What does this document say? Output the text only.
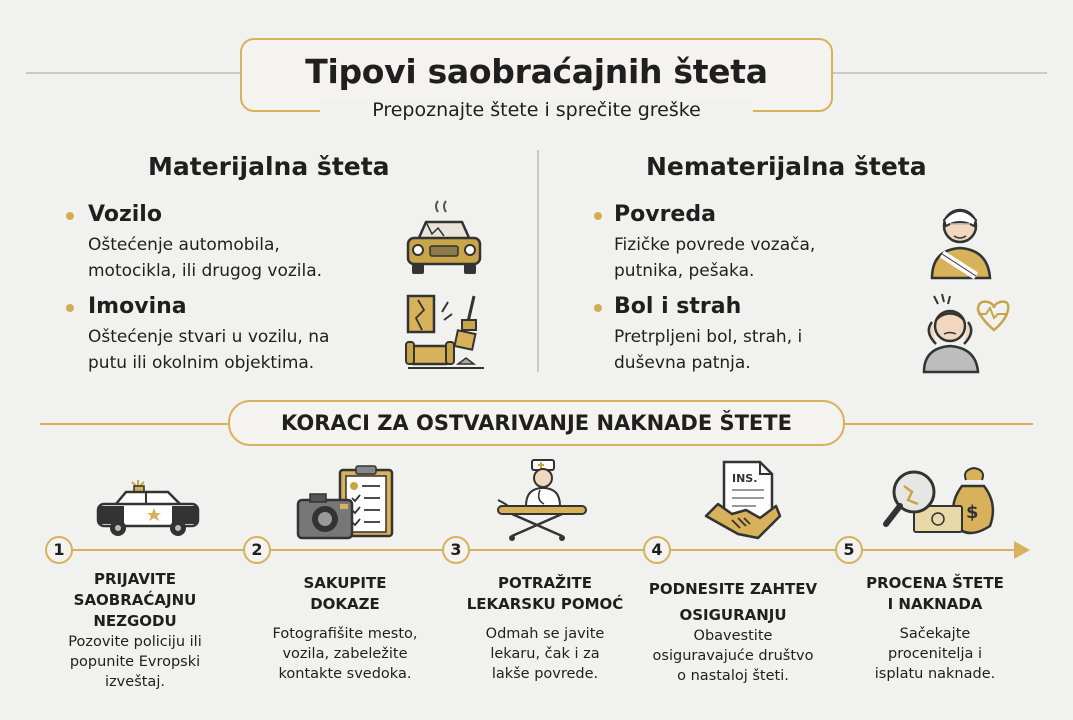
Tipovi saobraćajnih šteta
Prepoznajte štete i sprečite greške
Materijalna šteta
Vozilo
Oštećenje automobila,
motocikla, ili drugog vozila.
Imovina
Oštećenje stvari u vozilu, na
putu ili okolnim objektima.
Nematerijalna šteta
Povreda
Fizičke povrede vozača,
putnika, pešaka.
Bol i strah
Pretrpljeni bol, strah, i
duševna patnja.
KORACI ZA OSTVARIVANJE NAKNADE ŠTETE
1	2	3	4	5
INS.
$
PRIJAVITE
SAOBRAĆAJNU
NEZGODU
Pozovite policiju ili
popunite Evropski
izveštaj.
SAKUPITE
DOKAZE
Fotografišite mesto,
vozila, zabeležite
kontakte svedoka.
POTRAŽITE
LEKARSKU POMOĆ
Odmah se javite
lekaru, čak i za
lakše povrede.
PODNESITE ZAHTEV
OSIGURANJU
Obavestite
osiguravajuće društvo
o nastaloj šteti.
PROCENA ŠTETE
I NAKNADA
Sačekajte
procenitelja i
isplatu naknade.
